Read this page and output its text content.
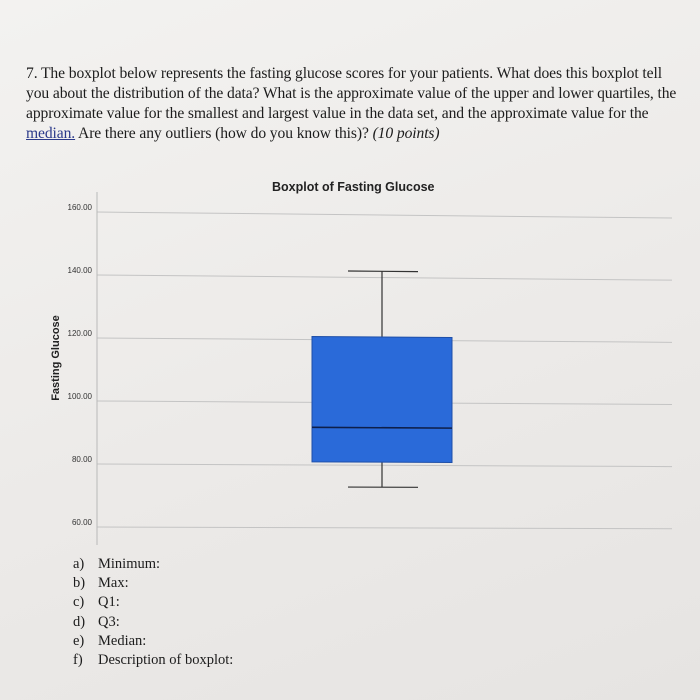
7. The boxplot below represents the fasting glucose scores for your patients. What does this boxplot tell you about the distribution of the data? What is the approximate value of the upper and lower quartiles, the approximate value for the smallest and largest value in the data set, and the approximate value for the median. Are there any outliers (how do you know this)? (10 points)
Boxplot of Fasting Glucose
Fasting Glucose
60.00
80.00
100.00
120.00
140.00
160.00
a) Minimum:
b) Max:
c) Q1:
d) Q3:
e) Median:
f) Description of boxplot:
